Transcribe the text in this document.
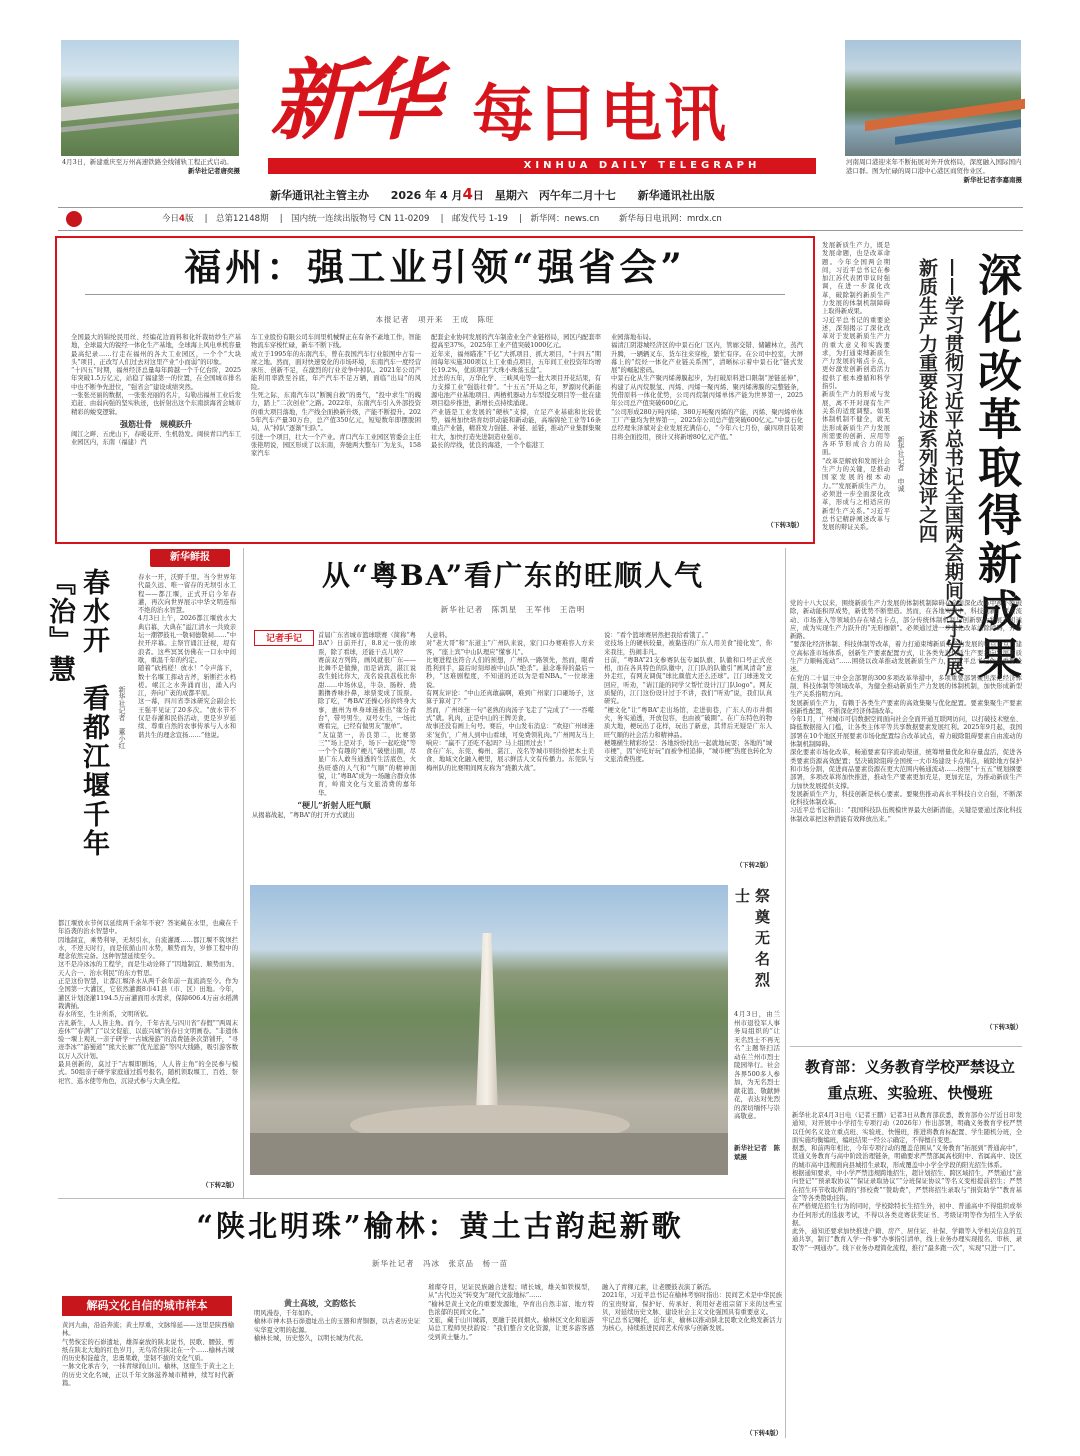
4月3日，新建重庆至万州高速铁路全线铺轨工程正式启动。
新华社记者唐奕摄
新华 每日电讯
XINHUA DAILY TELEGRAPH	河南周口港迎来年不断拓展对外开放格局，深度融入国际国内港口群。图为忙碌的周口港中心港区商贸作业区。
新华社记者李嘉南摄
新华通讯社主管主办 2026 年 4 月4日　星期六　丙午年二月十七 新华通讯社出版
今日4版 　|　总第12148期 　|　国内统一连续出版物号 CN 11-0209 　|　邮发代号 1-19 　|　新华网：news.cn 　　 新华每日电讯网：mrdx.cn
福州：强工业引领“强省会”
本报记者　项开来　王成　陈旺
全国最大的锦纶民用丝、经编花边面料和化纤裁纺纱生产基地，全球最大的锐经一体化生产基地，全球海上风电单机容量最高纪录……行走在福州的各大工业园区，一个个“大块头”项目，正改写人们过去对这里产业“小而弱”的印象。
“十四五”时期，福州经济总量每年跨越一个千亿台阶，2025年突破1.5万亿元，站稳了福建第一的位置，在全国城市排名中也不断争先进位，“强省会”建设成绩突然。
一张张亮丽的数据，一张张亮丽的名片，勾勒出福州工业后发追赶、由弱向强的坚实轨迹，也折射出这个东南滨海省会城市精彩的蜕变逻辑。
强筋壮骨　规模跃升
闽江之畔、五虎山下，春暖花开、生机勃发。闽侯青口汽车工业园区内，东南（福建）汽
车工业股份有限公司车间里机械臂正在有条不紊地工作，智能物流车穿梭忙碌，新车不断下线。
成立于1995年的东南汽车，曾在我国汽车行业版图中占有一席之地。然而，面对快速变化的市场环境，东南汽车一度经营承压、创新不足，在激烈的行业竞争中掉队。2021年公司产能利用率跌至谷底，年产汽车不足万辆，面临“出局”的风险。
生死之际，东南汽车以“断腕自救”的勇气，“投中求生”的魄力，踏上“二次创业”之路。2022年，东南汽车引入外部投资的重大项目落地，生产线全面换新升级，产能不断提升。2025年汽车产量30万台，总产值350亿元，短短数年即摆脱困局，从“掉队”逐渐“归队”。
引进一个项目，壮大一个产业。青口汽车工业园区管委会主任张艳明说，园区形成了以东南，奔驰两大整车厂为龙头，158家汽车
配套企业协同发展的汽车制造业全产业链格局，园区内配套率提高至37%，2025年工业产值突破1000亿元。
近年来，福州瞄准“千亿”大抓项目、抓大项目，“十四五”期间每年实施300项以上工业重点项目，五年间工业投资年均增长19.2%，优质项目“大珠小珠落玉盘”。
过去的五年，万华化学、三峡风电等一批大项目开花结果，有力支撑工业“强筋壮骨”。“十五五”开局之年，罗源时代新能源电池产业基地项目、两栖机器动力车型提交项目等一批在建项目稳步推进，新增长点持续涌现。
产业链是工业发展的“硬核”支撑，立足产业基础和比较优势，福州加快培育纺织动能和新动能，高端锦纶工业等16条重点产业链，精准发力强链、补链、延链，推动产业集群集聚壮大，加快打造先进制造业强市。
最长的岸线，优良的海港，一个个临港工
业园落地布局。
福清江阴港城经济区的中景石化厂区内，管廊交错、储罐林立，蒸汽升腾，一辆辆叉车、货车往来穿梭，繁忙有序。在公司中控室，大屏幕上的“烷烃一体化产业链关系图”，清晰标示着中景石化“链式发展”的崛起密码。
中景石化从生产聚丙烯薄膜起步，为打破原料进口限制“逆链延伸”，构建了从丙烷脱氢、丙烯、丙烯一聚丙烯、聚丙烯薄膜的完整链条，凭借原料一体化优势，公司丙烷制丙烯单体产能为世界第一，2025年公司总产值突破600亿元。
“公司形成280万吨丙烯、380万吨聚丙烯的产能，丙烯、聚丙烯单体工厂产量均为世界第一，2025年公司总产值突破600亿元。”中景石化总经理朱泽斌对企业发展充满信心，“今年六七月份，碳四项目装项目将全面投用，预计又将新增80亿元产值。”
（下转3版）	深化改革取得新成果
——学习贯彻习近平总书记全国两会期间关于发展新质生产力重要论述系列述评之四
新华社记者　申诚
发展新质生产力，既是发展命题，也是改革命题。今年全国两会期间，习近平总书记在参加江苏代表团审议时强调，在进一步深化改革，破除制约新质生产力发展的体制机制障碍上取得新成果。
习近平总书记的重要论述，深刻揭示了深化改革对于发展新质生产力的重大意义和实践要求，为打通束缚新质生产力发展的堵点卡点，更好激发创新创造活力提供了根本遵循和科学指引。
新质生产力的形成与发展，离不开对现有生产关系的适度调整。如果体制机制不健全，就无法形成新质生产力发展所需要的创新、应用等各环节形成合力的局面。
“改革是解放和发展社会生产力的关键，是推动国家发展的根本动力。”“发展新质生产力，必须进一步全面深化改革，形成与之相适应的新型生产关系。”习近平总书记精辟阐述改革与发展的辩证关系。
党的十八大以来，围绕新质生产力发展的体制机制障碍在全面深化改革中被不断破除，新动能积厚成势，新优势不断塑造。然而，在各地实践中，科技创新、要素流动、市场准入等领域仍存在堵点卡点，部分传统体制机制与创新驱动发展不相适应，成为实现生产力跃升的“无形枷锁”。必须通过进一步深化改革清除障碍，开辟新路。
“要深化经济体制、科技体制等改革，着力打通束缚新质生产力发展的堵点卡点”“建立高标准市场体系，创新生产要素配置方式，让各类先进优质生产要素向发展新质生产力顺畅流动”……围绕以改革推动发展新质生产力，习近平总书记作出重要论述。
在党的二十届三中全会部署的300多项改革举措中，多项重要部署聚焦深化经济体制、科技体制等领域改革，为健全推动新质生产力发展的体制机制，加快形成新型生产关系指明方向。
发展新质生产力，有赖于各类生产要素的高效集聚与优化配置。要素集聚生产要素创新性配置，不断深化经济体制改革。
今年1月，广州城市可信数据空间面向社会全面开通互联网访问，以打破技术壁垒、降低数据接入门槛，让各类主体平等共享数据要素发展红利。2025年9月起，我国部署在10个地区开展要素市场化配置综合改革试点，着力破除阻碍要素自由流动的体制机制障碍。
深化要素市场化改革，畅通要素有序流动渠道，统筹增量优化和存量盘活，促进各类要素资源高效配置；坚决破除阻碍全国统一大市场建设卡点堵点，破除地方保护和市场分割，促进商品要素资源在更大范围内畅通流动……按照“十五五”规划纲要部署，多项改革将加快推进，推动生产要素更加充足，更加充足，为推动新质生产力加快发展提供支撑。
发展新质生产力，科技创新是核心要素。要聚焦推动高水平科技自立自强，不断深化科技体制改革。
习近平总书记指出：“我国科技队伍规模世界最大创新潜能，关键是要通过深化科技体制改革把这种潜能有效释放出来。”
（下转3版）
新华鲜报
春水开　看都江堰千年『治』慧
新华社记者　董小红
春水一开，沃野千里。当今世界年代最久远、唯一留存的无坝引水工程——都江堰，正式开启今年春灌，再次向世界展示中华文明连绵不绝的治水智慧。
4月3日上午，2026都江堰放水大典启幕，大典在“溢江清水一共致亲坛一潮锣鼓礼一敬祠德敬祠……”中拉开序幕。主祭官诵江迁视，堤有浪者。这些冥冥仿佛在一口水中间歇，重温千年的约定。
随着“砍杩槎！放水！”令声落下，数十名堰工挥动古斧，斩断拦水杩槎。岷江之水奔涌而出，涌入内江，奔向广袤的成都平原。
这一幕，四川省李冰研究会副会长王强平见证了20多次。“放水节不仅是春灌和民俗活动，更是岁岁延续、尊重自然的农事传承与人水和谐共生的理念宣扬……”他说。
都江堰放水节何以延续两千余年不衰？答案藏在水里，也藏在千年沿袭的治水智慧中。
因地制宜，乘势利导，无坝引水，自流灌溉……都江堰不筑坝拦水，不逆天时行，而是依循山川水势，顺势而为，岁修工程中的理念依然完备。这种智慧延续至今。
这不是冷冰冰的工程学，而是生动诠释了“因地制宜、顺势而为、天人合一、治水利民”的东方哲思。
正是这份智慧，让都江堰泽水从两千余年前一直流淌至今。作为全国第一大灌区，它依然灌溉8市41县（市、区）田地。今年，灌区计划浇灌1194.5万亩灌面用水需求，保障606.4万亩水稻满栽满插。
春水所至，生计所系，文明所依。
古礼新生，人人皆主角。而今，千年古礼与四川省“春假”“两周末连休”“春满”了“以文促旅、以旅兴城”的春日文明画卷。“非遗体验一堰上观礼一亲子研学一古城漫游”的消费链条次第铺开，“寻迹李冰”“游蜀道”“熊大长廊”“优光蓝游”等四大线路，吸引游客数以万人次计划。
最具创新的，莫过于“古堰即剧场，人人皆主角”的全民参与模式。50组亲子研学家庭通过摇号报名，随机领取堰工、百姓、祭祀官、巡水使等角色，沉浸式参与大典全程。
（下转2版）
从“粤BA”看广东的旺顺人气
新华社记者　陈凯星　王军伟　王浩明
记者手记	首届广东省城市篮球联赛（简称“粤BA”）日前开打，8.8元一张的球票，除了看球，还能干点儿啥？
赛前双方列阵，画风就很广东——比舞不是做操，而是请宾，湛江说我生蚝比你大，茂名说我荔枝比你甜……中场休息，牛杂、肠粉、烧鹅撸香味扑鼻，球票变成了饭票。除了吃，“粤BA”还操心你的终身大事，惠州为单身球迷推出“缘分看台”，带号男生，双号女生，一场比赛看完，已经有做男友“脱单”。
“友谊第一，善良第二，比赛第三”“场上是对手，场下一起吃烧”等一个个有趣的“梗儿”破壁出圈，尽显广东人敢当通透的生活底色，火热旺盛的人气和“气顺”的精神面貌，让“粤BA”成为一场融合群众体育，岭南文化与文旅消费的嘉年华。
“梗儿”折射人旺气顺
从揭幕战起，“粤BA”的打开方式就出
人意料。
对“老大哥”和“东道主”广州队来说，家门口办赛难容人方来客，“座上宾”中山队理应“懂事儿”。
比赛进程也符合人们的预想，广州队一路领先，然而，眼看胜利到手，最后时刻却被中山队“绝杀”。悬念难得的最后一秒，“这难剧程度，不知道的还以为是看NBA。”一位球迷说。
有网友评论：“中山还真敢赢啊，难到广州家门口砸场子，这算子算对了？”
然而，广州球迷一句“老熟的肉汤子飞走了”完成了“一一吞噬式”就。乳肉，正是中山的王牌美食。
故事还没有画上句号。赛后，中山发布消息：“欢迎广州球迷来‘复仇’，广州人到中山看球，可免费领乳肉。”广州网友马上响应：“赢不了还吃不起吗？马上组团过去！”
食在广东，东莞、梅州、湛江、茂名等城市则纷纷把本土美食、地域文化融入梗里，展示鲜活人文有传播力。东莞队与梅州队的比赛期间网友称为“烧鹅大战”。
说：“看个篮球赛居然把我给看饿了。”
竞技场上的硬核较量，被黏连的广东人用美食“接化发”，你来我往，热闹非凡。
日前，“粤BA”21支参赛队伍专属队旗、队徽和口号正式亮相，而在各具特色的队徽中，江门队的队徽引“画风清奇”意外走红，有网友调侃“球比颜值大还么还球”。江门球迷发文回应，听劝，“请江能的同学父帮忙设计江门队logo”。网友质疑的，江门这份设计过于不讲，我们“听劝”说，我们认真研究。
“梗文化”让“粤BA”走出场馆，走进街巷，广东人的市井烟火，务实通透，开放包容，也由被“破圈”。在广东特色的物质大地，梗玩出了花样，玩出了新意，其背后无疑是广东人旺气顺的社会活力和精神品。
梗趣横生精彩纷呈：各地纷纷找出一起就地玩耍；各地的“城市梗”，因“好吃好玩”而被争相追捧，“城市梗”热度也转化为文旅消费热度。
（下转2版）
祭奠无名烈士
4月3日，由兰州市退役军人事务局组织的“让无名烈士不再无名”主题祭扫活动在兰州市烈士陵园举行。社会各界500多人参加，为无名烈士献花篮、敬献鲜花，表达对先烈的深切缅怀与崇高敬意。
新华社记者　陈斌摄
教育部：义务教育学校严禁设立重点班、实验班、快慢班
新华社北京4月3日电（记者王鹏）记者3日从教育部获悉，教育部办公厅近日印发通知，对开展中小学招生专项行动（2026年）作出部署，明确义务教育学校严禁以任何名义设立重点班、实验班、快慢班，推进将教育标配置、学生随机分班，全面实施均衡编班，编班结果一经公示确定，不得擅自变更。
据悉，和前两年相比，今年专项行动的覆盖范围从“义务教育”拓展到“普通高中”，贯通义务教育与高中阶段治理链条，明确要求严禁部属高校附中、省属高中、设区的城市高中违规面向县城招生录取，形成覆盖中小学全学段的阳光招生体系。
根据通知要求，中小学严禁违规跨地招生，超计划招生、跨区域招生，严禁通过“意向登记”“预录取协议”“保证录取协议”“分班保证协议”等名义变相提前招生；严禁在招生环节收取所谓的“择校费”“赞助费”，严禁将招生录取与“捐资助学”“教育基金”等各类赞助挂钩。
在严格规范招生行为的同时，学校除特长生招生外，初中、普通高中不得组织或举办任何形式的选拔考试，不得以各类竞赛获奖证书、考级证明等作为招生入学依据。
此外，通知还要求加快推进户籍、房产、居住证、社保、学籍等入学相关信息的互通共享，制订“教育入学一件事”办事指引清单，线上业务办理实现报名、审核、录取等“一网通办”。线下业务办理简化流程，推行“最多跑一次”，实现“只进一门”。
“陕北明珠”榆林：黄土古韵起新歌
新华社记者　冯冰　张京品　杨一苗
解码文化自信的城市样本
黄河九曲，沿沿奔流；黄土厚重，文脉绵延——这里是陕西榆林。
气势恢宏的石峁遗址，雄浑豪放的陕北说书，民歌、腰鼓、剪纸在陕北大地的红色岁月，无鸟常住陕北在一个……榆林古城的历史积淀蕴含，忠勇果敢，坚韧不拔的文化气质。
一脉文化承古今，一抹青绿润山川。榆林，这座生于黄土之上的历史文化名城，正以千年文脉滋养城市精神，续写时代新篇。
黄土高坡，文韵悠长
明风漫卷，千年如昨。
榆林市神木县石峁遗址出土的玉器和青铜器，以古老历史证实华夏文明的起源。
榆林长城，历史悠久，以明长城为代表。
璀璨夺目，见证民族融合进程；晴长城，雄关如铁模型，从“古代边关”转变为“现代文旅地标”……
“榆林是黄土文化的重要发源地，孕育出自然丰富、地方特色浓郁的民间文化。”
文旅，藏于山川城郭，更融于民间烟火。榆林区文化和旅游局总工程师吴扶韵说：“我们整合文化资源，让更多游客感受到黄土魅力。”
融入了青稞元素，让老腰鼓表演了新活。
2021年，习近平总书记在榆林考察时指出：民间艺术是中华民族的宝贵财富，保护好、传承好、利用好老祖宗留下来的这些宝贝，对延续历史文脉、建设社会主义文化强国具有重要意义。
牢记总书记嘱托，近年来，榆林以推动陕北民歌文化焕发新活力为核心，持续推进民间艺术传承与创新发展。
（下转4版）
